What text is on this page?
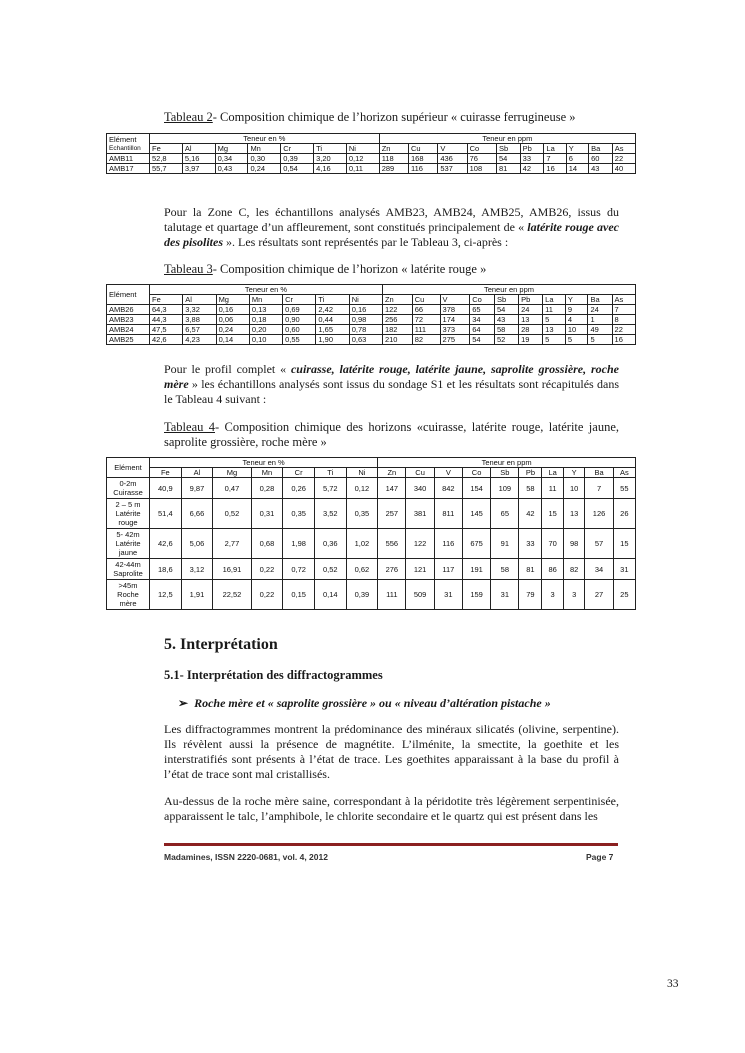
Tableau 2- Composition chimique de l’horizon supérieur « cuirasse ferrugineuse »
Elément
Echantillon	Teneur en %							Teneur en ppm									
	Fe	Al	Mg	Mn	Cr	Ti	Ni	Zn	Cu	V	Co	Sb	Pb	La	Y	Ba	As
AMB11	52,8	5,16	0,34	0,30	0,39	3,20	0,12	118	168	436	76	54	33	7	6	60	22
AMB17	55,7	3,97	0,43	0,24	0,54	4,16	0,11	289	116	537	108	81	42	16	14	43	40
Pour la Zone C, les échantillons analysés AMB23, AMB24, AMB25, AMB26, issus du talutage et quartage d’un affleurement, sont constitués principalement de « latérite rouge avec des pisolites ». Les résultats sont représentés par le Tableau 3, ci-après :
Tableau 3- Composition chimique de l’horizon « latérite rouge »
Elément	Teneur en %							Teneur en ppm									
	Fe	Al	Mg	Mn	Cr	Ti	Ni	Zn	Cu	V	Co	Sb	Pb	La	Y	Ba	As
AMB26	64,3	3,32	0,16	0,13	0,69	2,42	0,16	122	66	378	65	54	24	11	9	24	7
AMB23	44,3	3,88	0,06	0,18	0,90	0,44	0,98	256	72	174	34	43	13	5	4	1	8
AMB24	47,5	6,57	0,24	0,20	0,60	1,65	0,78	182	111	373	64	58	28	13	10	49	22
AMB25	42,6	4,23	0,14	0,10	0,55	1,90	0,63	210	82	275	54	52	19	5	5	5	16
Pour le profil complet « cuirasse, latérite rouge, latérite jaune, saprolite grossière, roche mère » les échantillons analysés sont issus du sondage S1 et les résultats sont récapitulés dans le Tableau 4 suivant :
Tableau 4- Composition chimique des horizons «cuirasse, latérite rouge, latérite jaune, saprolite grossière, roche mère »
Elément	Teneur en %							Teneur en ppm									
	Fe	Al	Mg	Mn	Cr	Ti	Ni	Zn	Cu	V	Co	Sb	Pb	La	Y	Ba	As

0-2m
Cuirasse	40,9	9,87	0,47	0,28	0,26	5,72	0,12	147	340	842	154	109	58	11	10	7	55

2 – 5 m
Latérite
rouge	51,4	6,66	0,52	0,31	0,35	3,52	0,35	257	381	811	145	65	42	15	13	126	26

5- 42m
Latérite
jaune	42,6	5,06	2,77	0,68	1,98	0,36	1,02	556	122	116	675	91	33	70	98	57	15

42-44m
Saprolite	18,6	3,12	16,91	0,22	0,72	0,52	0,62	276	121	117	191	58	81	86	82	34	31

>45m
Roche
mère	12,5	1,91	22,52	0,22	0,15	0,14	0,39	111	509	31	159	31	79	3	3	27	25
5. Interprétation
5.1- Interprétation des diffractogrammes
➢ Roche mère et « saprolite grossière » ou « niveau d’altération pistache »
Les diffractogrammes montrent la prédominance des minéraux silicatés (olivine, serpentine). Ils révèlent aussi la présence de magnétite. L’ilménite, la smectite, la goethite et les interstratifiés sont présents à l’état de trace. Les goethites apparaissant à la base du profil à l’état de trace sont mal cristallisés.
Au-dessus de la roche mère saine, correspondant à la péridotite très légèrement serpentinisée, apparaissent le talc, l’amphibole, le chlorite secondaire et le quartz qui est présent dans les
Madamines, ISSN 2220-0681, vol. 4, 2012	Page 7
33
